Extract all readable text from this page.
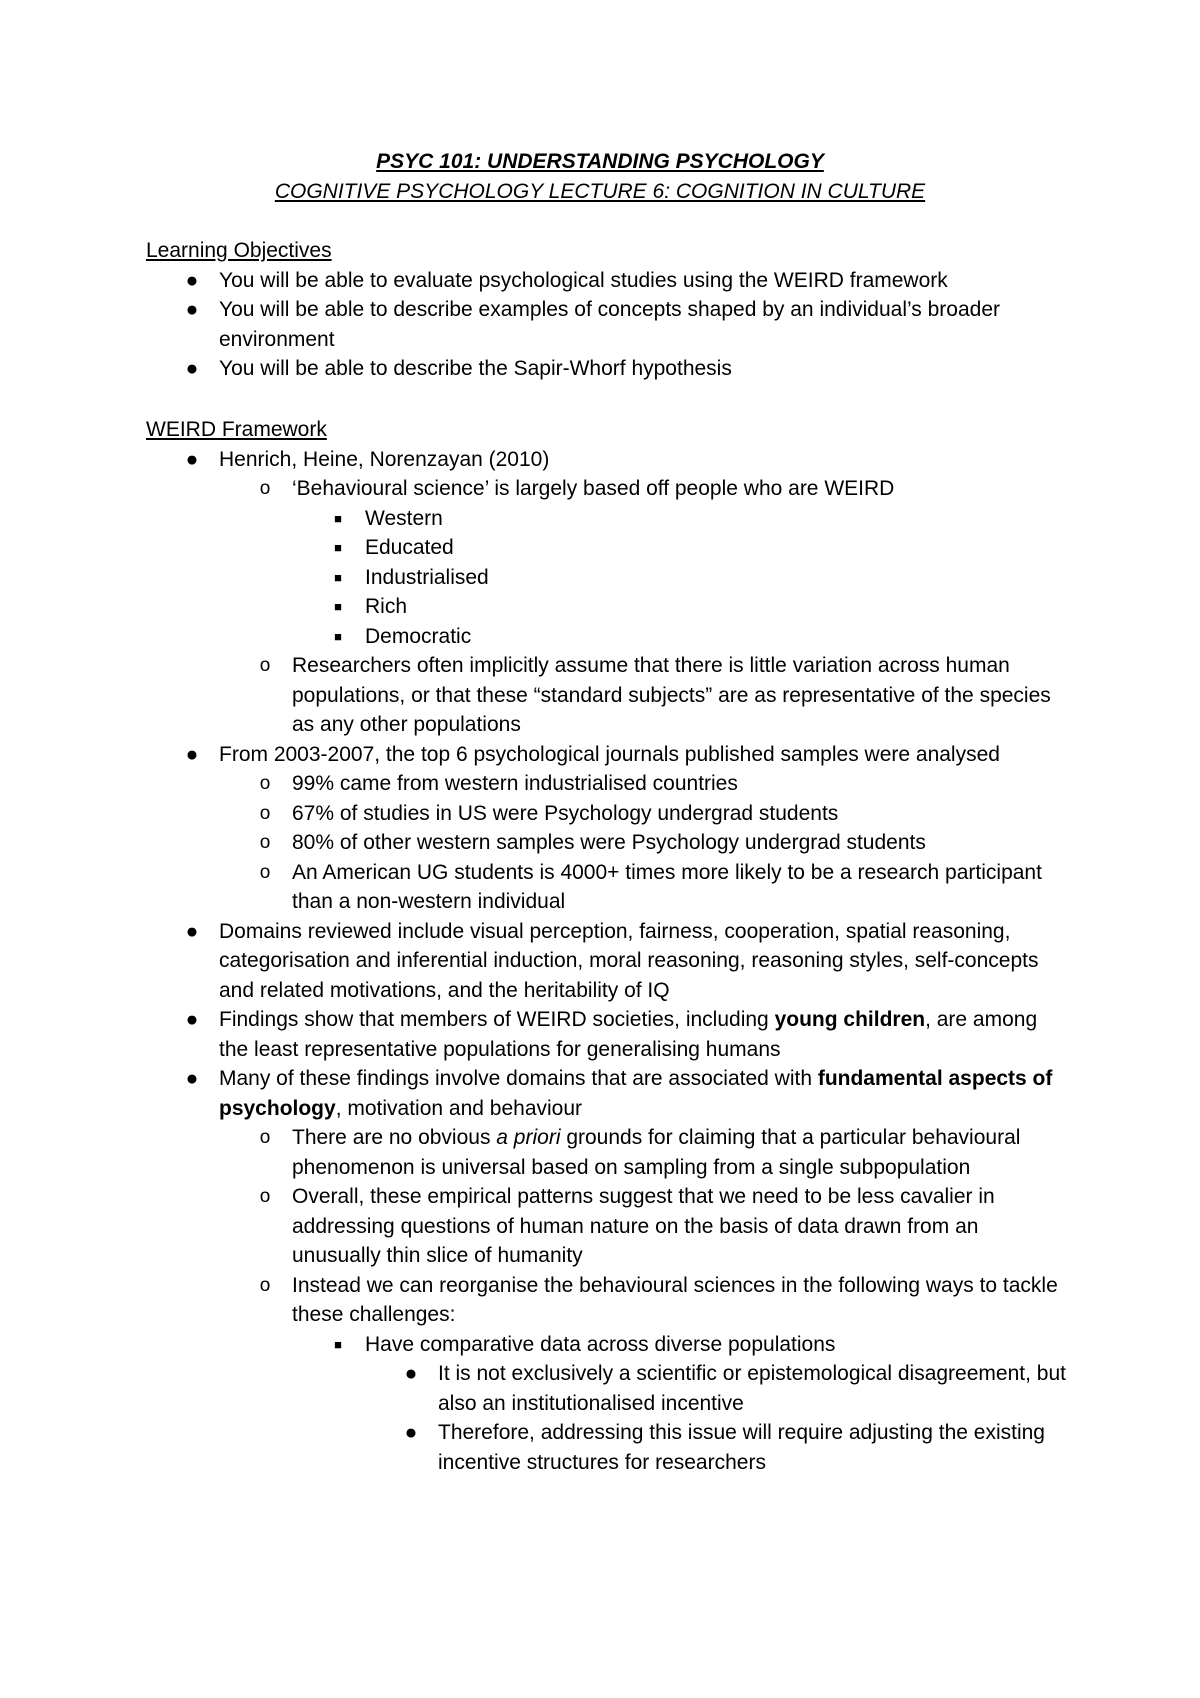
PSYC 101: UNDERSTANDING PSYCHOLOGY
COGNITIVE PSYCHOLOGY LECTURE 6: COGNITION IN CULTURE
Learning Objectives
● You will be able to evaluate psychological studies using the WEIRD framework
● You will be able to describe examples of concepts shaped by an individual’s broader environment
● You will be able to describe the Sapir-Whorf hypothesis
WEIRD Framework
● Henrich, Heine, Norenzayan (2010)
o ‘Behavioural science’ is largely based off people who are WEIRD
■ Western
■ Educated
■ Industrialised
■ Rich
■ Democratic
o Researchers often implicitly assume that there is little variation across human populations, or that these “standard subjects” are as representative of the species as any other populations
● From 2003-2007, the top 6 psychological journals published samples were analysed
o 99% came from western industrialised countries
o 67% of studies in US were Psychology undergrad students
o 80% of other western samples were Psychology undergrad students
o An American UG students is 4000+ times more likely to be a research participant than a non-western individual
● Domains reviewed include visual perception, fairness, cooperation, spatial reasoning, categorisation and inferential induction, moral reasoning, reasoning styles, self-concepts and related motivations, and the heritability of IQ
● Findings show that members of WEIRD societies, including young children, are among the least representative populations for generalising humans
● Many of these findings involve domains that are associated with fundamental aspects of psychology, motivation and behaviour
o There are no obvious a priori grounds for claiming that a particular behavioural phenomenon is universal based on sampling from a single subpopulation
o Overall, these empirical patterns suggest that we need to be less cavalier in addressing questions of human nature on the basis of data drawn from an unusually thin slice of humanity
o Instead we can reorganise the behavioural sciences in the following ways to tackle these challenges:
■ Have comparative data across diverse populations
● It is not exclusively a scientific or epistemological disagreement, but also an institutionalised incentive
● Therefore, addressing this issue will require adjusting the existing incentive structures for researchers
